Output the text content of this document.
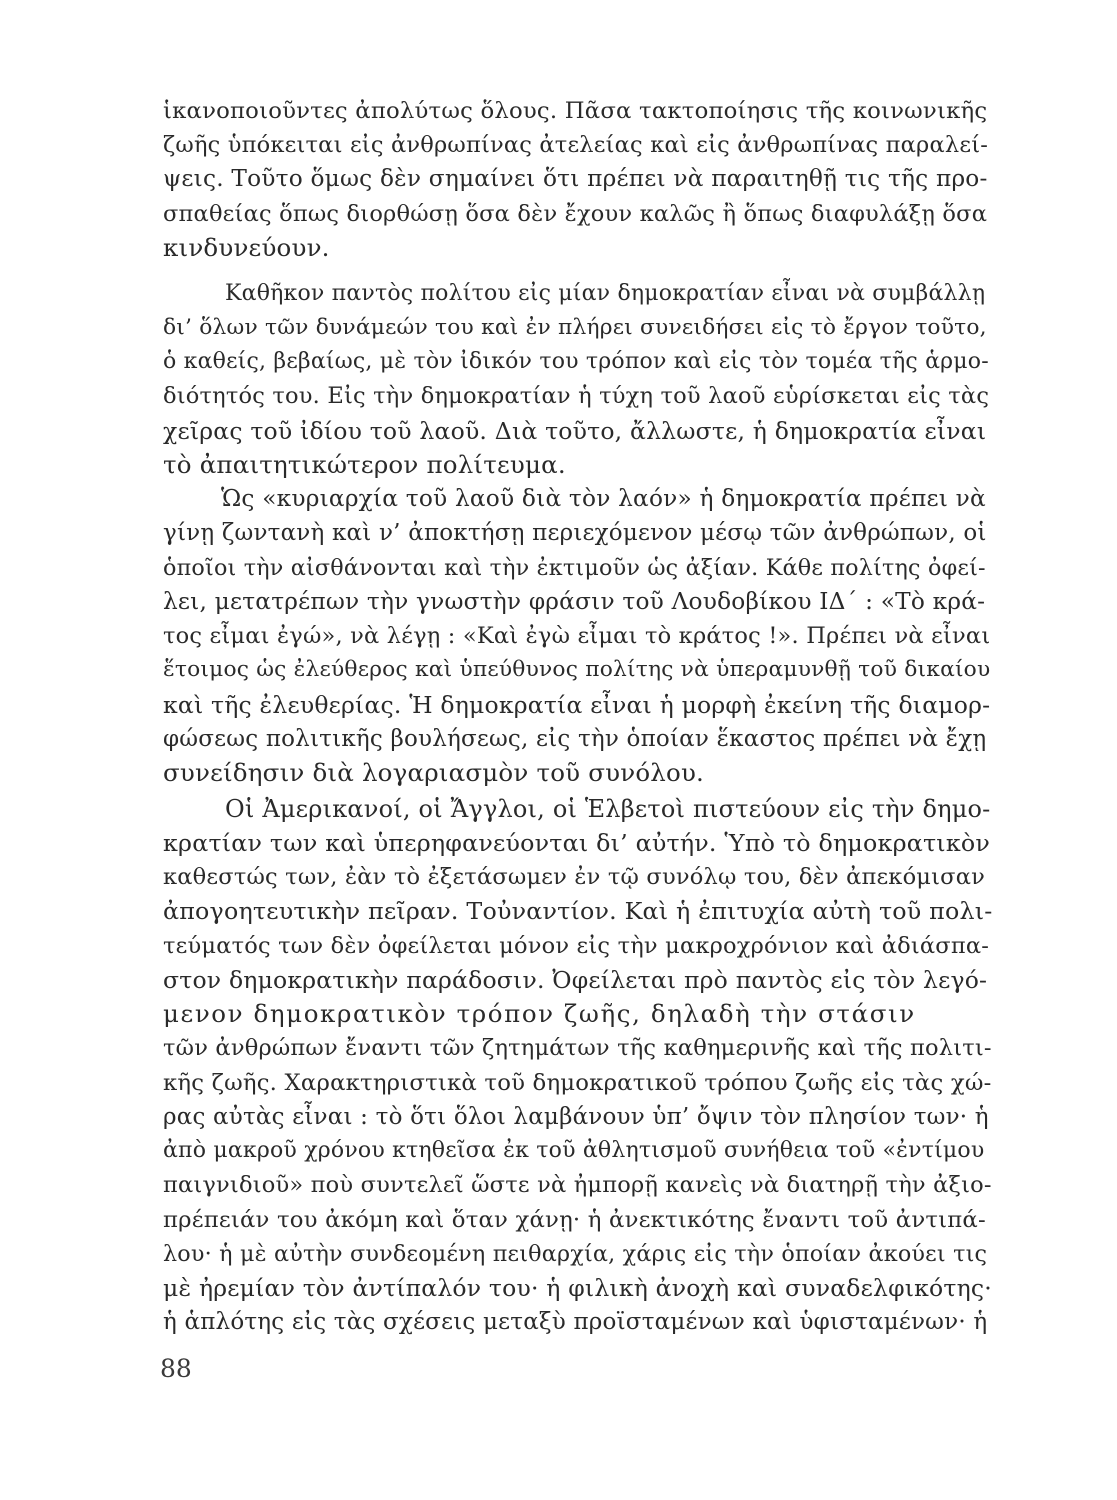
ἱκανοποιοῦντες ἀπολύτως ὅλους. Πᾶσα τακτοποίησις τῆς κοινωνικῆς
ζωῆς ὑπόκειται εἰς ἀνθρωπίνας ἀτελείας καὶ εἰς ἀνθρωπίνας παραλεί-
ψεις. Τοῦτο ὅμως δὲν σημαίνει ὅτι πρέπει νὰ παραιτηθῇ τις τῆς προ-
σπαθείας ὅπως διορθώσῃ ὅσα δὲν ἔχουν καλῶς ἢ ὅπως διαφυλάξῃ ὅσα
κινδυνεύουν.
Καθῆκον παντὸς πολίτου εἰς μίαν δημοκρατίαν εἶναι νὰ συμβάλλῃ
δι’ ὅλων τῶν δυνάμεών του καὶ ἐν πλήρει συνειδήσει εἰς τὸ ἔργον τοῦτο,
ὁ καθείς, βεβαίως, μὲ τὸν ἰδικόν του τρόπον καὶ εἰς τὸν τομέα τῆς ἁρμο-
διότητός του. Εἰς τὴν δημοκρατίαν ἡ τύχη τοῦ λαοῦ εὑρίσκεται εἰς τὰς
χεῖρας τοῦ ἰδίου τοῦ λαοῦ. Διὰ τοῦτο, ἄλλωστε, ἡ δημοκρατία εἶναι
τὸ ἀπαιτητικώτερον πολίτευμα.
Ὡς «κυριαρχία τοῦ λαοῦ διὰ τὸν λαόν» ἡ δημοκρατία πρέπει νὰ
γίνῃ ζωντανὴ καὶ ν’ ἀποκτήσῃ περιεχόμενον μέσῳ τῶν ἀνθρώπων, οἱ
ὁποῖοι τὴν αἰσθάνονται καὶ τὴν ἐκτιμοῦν ὡς ἀξίαν. Κάθε πολίτης ὀφεί-
λει, μετατρέπων τὴν γνωστὴν φράσιν τοῦ Λουδοβίκου ΙΔ΄ : «Τὸ κρά-
τος εἶμαι ἐγώ», νὰ λέγῃ : «Καὶ ἐγὼ εἶμαι τὸ κράτος !». Πρέπει νὰ εἶναι
ἕτοιμος ὡς ἐλεύθερος καὶ ὑπεύθυνος πολίτης νὰ ὑπεραμυνθῇ τοῦ δικαίου
καὶ τῆς ἐλευθερίας. Ἡ δημοκρατία εἶναι ἡ μορφὴ ἐκείνη τῆς διαμορ-
φώσεως πολιτικῆς βουλήσεως, εἰς τὴν ὁποίαν ἕκαστος πρέπει νὰ ἔχῃ
συνείδησιν διὰ λογαριασμὸν τοῦ συνόλου.
Οἱ Ἀμερικανοί, οἱ Ἄγγλοι, οἱ Ἑλβετοὶ πιστεύουν εἰς τὴν δημο-
κρατίαν των καὶ ὑπερηφανεύονται δι’ αὐτήν. Ὑπὸ τὸ δημοκρατικὸν
καθεστώς των, ἐὰν τὸ ἐξετάσωμεν ἐν τῷ συνόλῳ του, δὲν ἀπεκόμισαν
ἀπογοητευτικὴν πεῖραν. Τοὐναντίον. Καὶ ἡ ἐπιτυχία αὐτὴ τοῦ πολι-
τεύματός των δὲν ὀφείλεται μόνον εἰς τὴν μακροχρόνιον καὶ ἀδιάσπα-
στον δημοκρατικὴν παράδοσιν. Ὀφείλεται πρὸ παντὸς εἰς τὸν λεγό-
μενον δημοκρατικὸν τρόπον ζωῆς, δηλαδὴ τὴν στάσιν
τῶν ἀνθρώπων ἔναντι τῶν ζητημάτων τῆς καθημερινῆς καὶ τῆς πολιτι-
κῆς ζωῆς. Χαρακτηριστικὰ τοῦ δημοκρατικοῦ τρόπου ζωῆς εἰς τὰς χώ-
ρας αὐτὰς εἶναι : τὸ ὅτι ὅλοι λαμβάνουν ὑπ’ ὄψιν τὸν πλησίον των· ἡ
ἀπὸ μακροῦ χρόνου κτηθεῖσα ἐκ τοῦ ἀθλητισμοῦ συνήθεια τοῦ «ἐντίμου
παιγνιδιοῦ» ποὺ συντελεῖ ὥστε νὰ ἠμπορῇ κανεὶς νὰ διατηρῇ τὴν ἀξιο-
πρέπειάν του ἀκόμη καὶ ὅταν χάνῃ· ἡ ἀνεκτικότης ἔναντι τοῦ ἀντιπά-
λου· ἡ μὲ αὐτὴν συνδεομένη πειθαρχία, χάρις εἰς τὴν ὁποίαν ἀκούει τις
μὲ ἠρεμίαν τὸν ἀντίπαλόν του· ἡ φιλικὴ ἀνοχὴ καὶ συναδελφικότης·
ἡ ἁπλότης εἰς τὰς σχέσεις μεταξὺ προϊσταμένων καὶ ὑφισταμένων· ἡ
88
